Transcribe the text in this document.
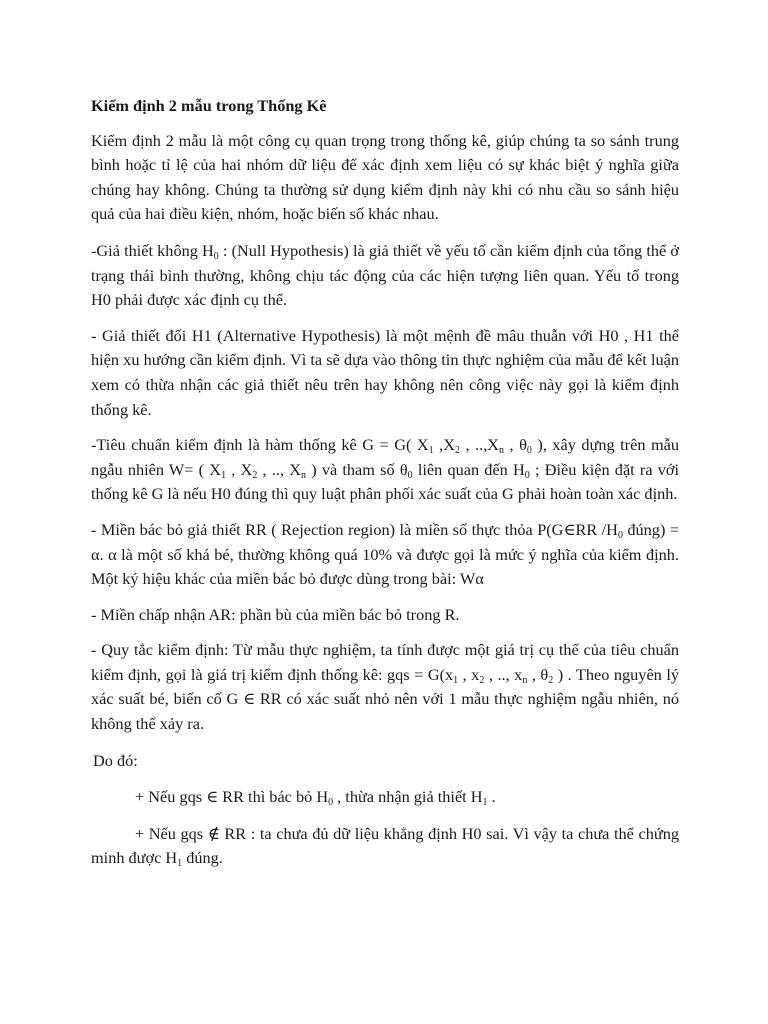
Kiểm định 2 mẫu trong Thống Kê

Kiểm định 2 mẫu là một công cụ quan trọng trong thống kê, giúp chúng ta so sánh trung bình hoặc tỉ lệ của hai nhóm dữ liệu để xác định xem liệu có sự khác biệt ý nghĩa giữa chúng hay không. Chúng ta thường sử dụng kiểm định này khi có nhu cầu so sánh hiệu quả của hai điều kiện, nhóm, hoặc biến số khác nhau.

-Giả thiết không $H_0$ : (Null Hypothesis) là giả thiết về yếu tố cần kiểm định của tổng thể ở trạng thái bình thường, không chịu tác động của các hiện tượng liên quan. Yếu tố trong H0 phải được xác định cụ thể.

- Giả thiết đối H1 (Alternative Hypothesis) là một mệnh đề mâu thuẫn với H0 , H1 thể hiện xu hướng cần kiểm định. Vì ta sẽ dựa vào thông tin thực nghiệm của mẫu để kết luận xem có thừa nhận các giả thiết nêu trên hay không nên công việc này gọi là kiểm định thống kê.

-Tiêu chuẩn kiểm định là hàm thống kê G = G( $X_1$ $,X_2$ , $..,X_n$ , $\theta_0$ ), xây dựng trên mẫu ngẫu nhiên W= ( $X_1$ , $X_2$ , .., $X_n$ ) và tham số $\theta_0$ liên quan đến $H_0$ ; Điều kiện đặt ra với thống kê G là nếu H0 đúng thì quy luật phân phối xác suất của G phải hoàn toàn xác định.

- Miền bác bỏ giả thiết RR ( Rejection region) là miền số thực thỏa P(G∈RR $/H_0$ đúng) = α. α là một số khá bé, thường không quá 10% và được gọi là mức ý nghĩa của kiểm định. Một ký hiệu khác của miền bác bỏ được dùng trong bài: Wα

- Miền chấp nhận AR: phần bù của miền bác bỏ trong R.

- Quy tắc kiểm định: Từ mẫu thực nghiệm, ta tính được một giá trị cụ thể của tiêu chuẩn kiểm định, gọi là giá trị kiểm định thống kê: gqs = $G(x_1$ , $x_2$ , .., $x_n$ , $\theta_2$ ) . Theo nguyên lý xác suất bé, biến cố G ∈ RR có xác suất nhỏ nên với 1 mẫu thực nghiệm ngẫu nhiên, nó không thể xảy ra.

Do đó:

+ Nếu gqs ∈ RR thì bác bỏ $H_0$ , thừa nhận giả thiết $H_1$ .

+ Nếu gqs ∉ RR : ta chưa đủ dữ liệu khẳng định H0 sai. Vì vậy ta chưa thể chứng minh được $H_1$ đúng.
